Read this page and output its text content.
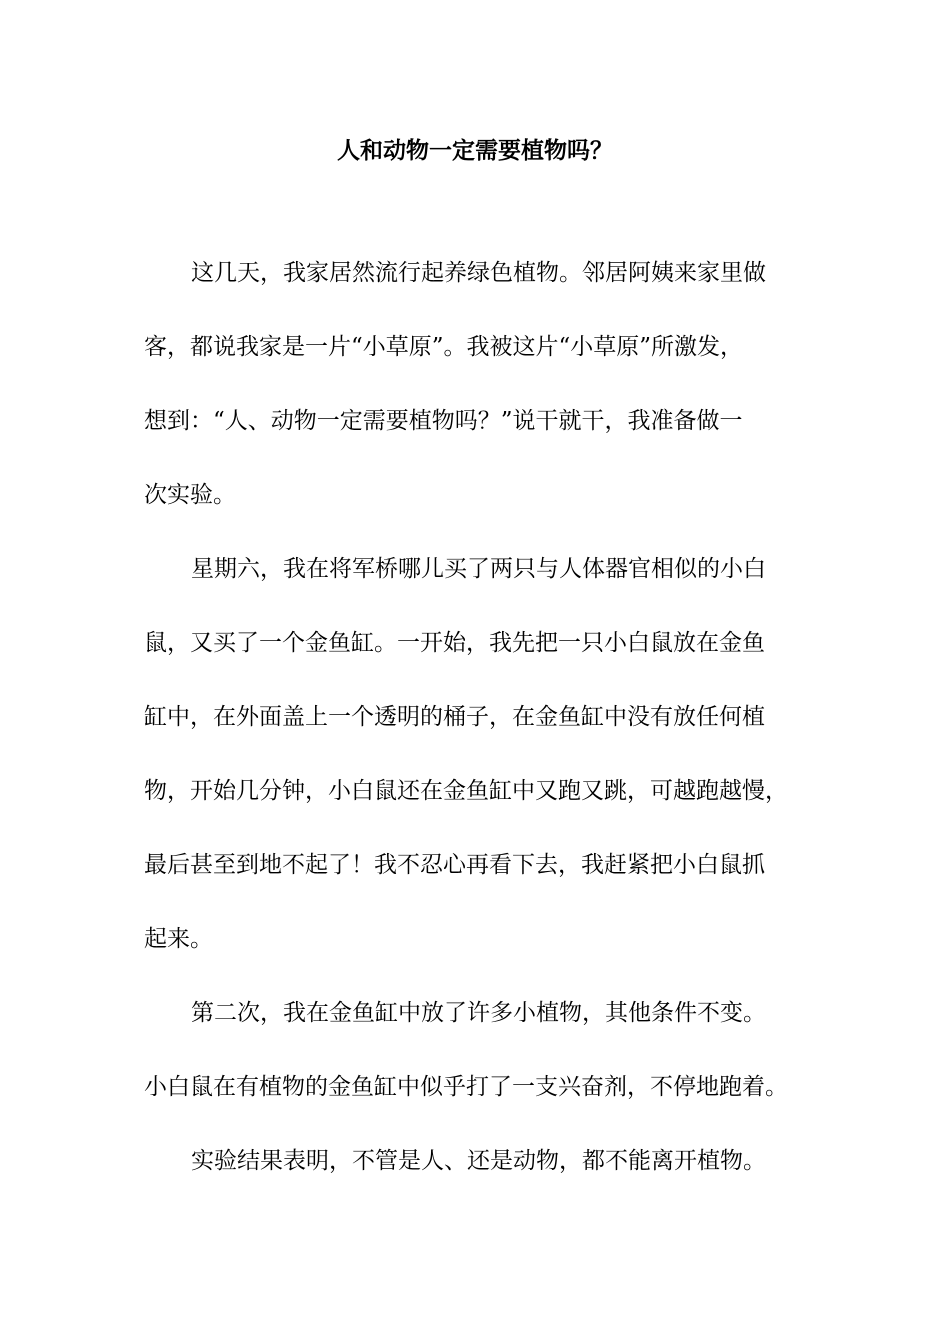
人和动物一定需要植物吗？

这几天，我家居然流行起养绿色植物。邻居阿姨来家里做

客，都说我家是一片“小草原”。我被这片“小草原”所激发，

想到：“人、动物一定需要植物吗？”说干就干，我准备做一

次实验。

星期六，我在将军桥哪儿买了两只与人体器官相似的小白

鼠，又买了一个金鱼缸。一开始，我先把一只小白鼠放在金鱼

缸中，在外面盖上一个透明的桶子，在金鱼缸中没有放任何植

物，开始几分钟，小白鼠还在金鱼缸中又跑又跳，可越跑越慢，

最后甚至到地不起了！我不忍心再看下去，我赶紧把小白鼠抓

起来。

第二次，我在金鱼缸中放了许多小植物，其他条件不变。

小白鼠在有植物的金鱼缸中似乎打了一支兴奋剂，不停地跑着。

实验结果表明，不管是人、还是动物，都不能离开植物。
